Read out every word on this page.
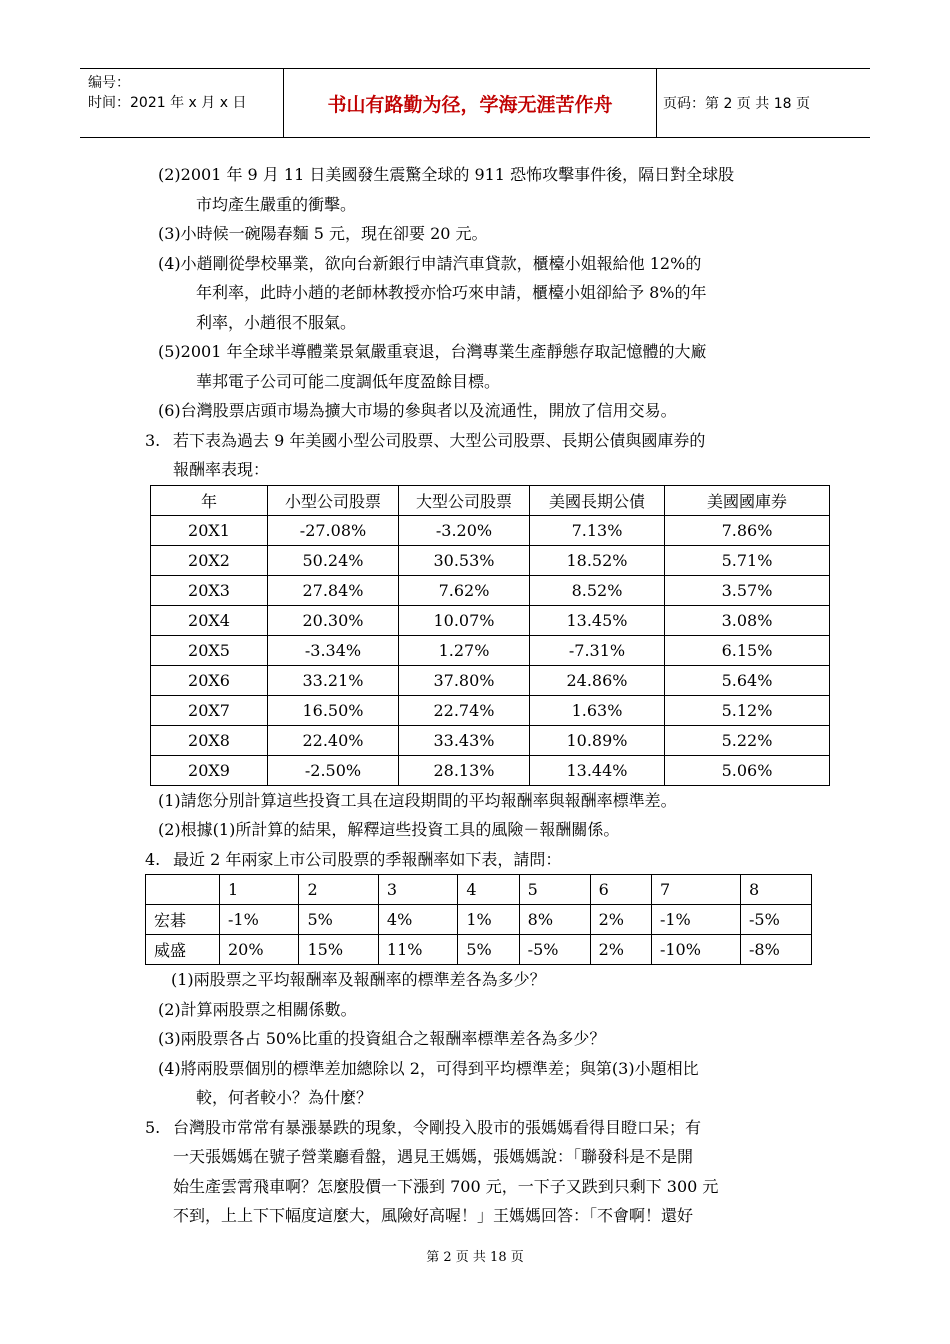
编号：
时间：2021 年 x 月 x 日	书山有路勤为径，学海无涯苦作舟	页码：第 2 页 共 18 页

(2)2001 年 9 月 11 日美國發生震驚全球的 911 恐怖攻擊事件後，隔日對全球股
市均產生嚴重的衝擊。

(3)小時候一碗陽春麵 5 元，現在卻要 20 元。

(4)小趙剛從學校畢業，欲向台新銀行申請汽車貸款，櫃檯小姐報給他 12%的
年利率，此時小趙的老師林教授亦恰巧來申請，櫃檯小姐卻給予 8%的年
利率，小趙很不服氣。

(5)2001 年全球半導體業景氣嚴重衰退，台灣專業生產靜態存取記憶體的大廠
華邦電子公司可能二度調低年度盈餘目標。

(6)台灣股票店頭市場為擴大市場的參與者以及流通性，開放了信用交易。

3. 若下表為過去 9 年美國小型公司股票、大型公司股票、長期公債與國庫券的
報酬率表現：
年	小型公司股票	大型公司股票	美國長期公債	美國國庫券
20X1	-27.08%	-3.20%	7.13%	7.86%
20X2	50.24%	30.53%	18.52%	5.71%
20X3	27.84%	7.62%	8.52%	3.57%
20X4	20.30%	10.07%	13.45%	3.08%
20X5	-3.34%	1.27%	-7.31%	6.15%
20X6	33.21%	37.80%	24.86%	5.64%
20X7	16.50%	22.74%	1.63%	5.12%
20X8	22.40%	33.43%	10.89%	5.22%
20X9	-2.50%	28.13%	13.44%	5.06%

(1)請您分別計算這些投資工具在這段期間的平均報酬率與報酬率標準差。

(2)根據(1)所計算的結果，解釋這些投資工具的風險－報酬關係。

4. 最近 2 年兩家上市公司股票的季報酬率如下表，請問：
	1	2	3	4	5	6	7	8
宏碁	-1%	5%	4%	1%	8%	2%	-1%	-5%
威盛	20%	15%	11%	5%	-5%	2%	-10%	-8%

(1)兩股票之平均報酬率及報酬率的標準差各為多少？

(2)計算兩股票之相關係數。

(3)兩股票各占 50%比重的投資組合之報酬率標準差各為多少？

(4)將兩股票個別的標準差加總除以 2，可得到平均標準差；與第(3)小題相比
較，何者較小？為什麼？

5. 台灣股市常常有暴漲暴跌的現象，令剛投入股市的張媽媽看得目瞪口呆；有
一天張媽媽在號子營業廳看盤，遇見王媽媽，張媽媽說：「聯發科是不是開
始生產雲霄飛車啊？怎麼股價一下漲到 700 元，一下子又跌到只剩下 300 元
不到，上上下下幅度這麼大，風險好高喔！」王媽媽回答：「不會啊！還好
第 2 页 共 18 页
